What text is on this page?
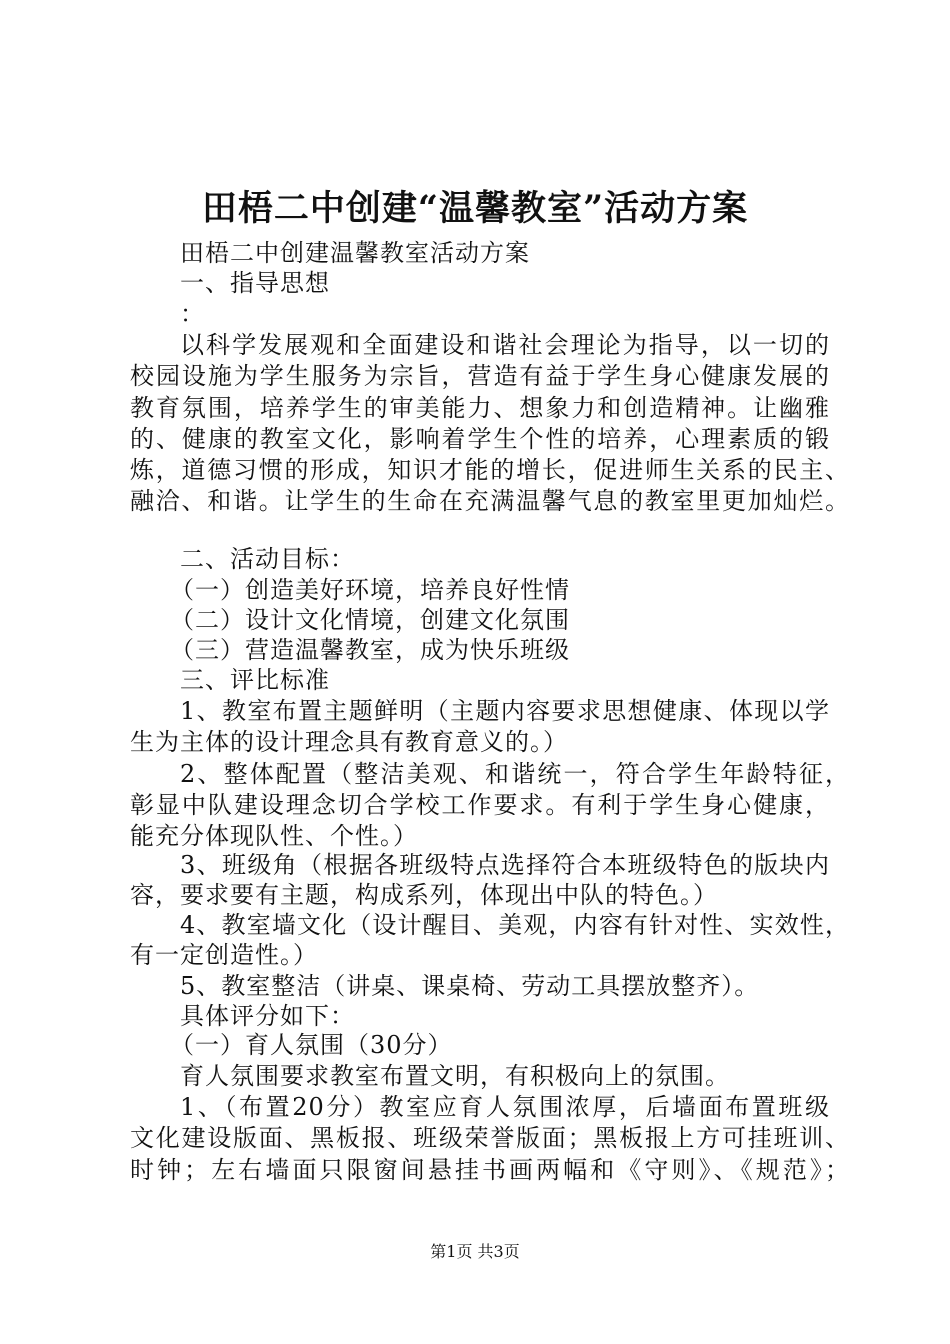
田梧二中创建“温馨教室”活动方案
田梧二中创建温馨教室活动方案
一、指导思想
：
以科学发展观和全面建设和谐社会理论为指导，以一切的
校园设施为学生服务为宗旨，营造有益于学生身心健康发展的
教育氛围，培养学生的审美能力、想象力和创造精神。让幽雅
的、健康的教室文化，影响着学生个性的培养，心理素质的锻
炼，道德习惯的形成，知识才能的增长，促进师生关系的民主、
融洽、和谐。让学生的生命在充满温馨气息的教室里更加灿烂。
二、活动目标：
（一）创造美好环境，培养良好性情
（二）设计文化情境，创建文化氛围
（三）营造温馨教室，成为快乐班级
三、评比标准
1、教室布置主题鲜明（主题内容要求思想健康、体现以学
生为主体的设计理念具有教育意义的。）
2、整体配置（整洁美观、和谐统一，符合学生年龄特征，
彰显中队建设理念切合学校工作要求。有利于学生身心健康，
能充分体现队性、个性。）
3、班级角（根据各班级特点选择符合本班级特色的版块内
容，要求要有主题，构成系列，体现出中队的特色。）
4、教室墙文化（设计醒目、美观，内容有针对性、实效性，
有一定创造性。）
5、教室整洁（讲桌、课桌椅、劳动工具摆放整齐）。
具体评分如下：
（一）育人氛围（30分）
育人氛围要求教室布置文明，有积极向上的氛围。
1、（布置20分）教室应育人氛围浓厚，后墙面布置班级
文化建设版面、黑板报、班级荣誉版面；黑板报上方可挂班训、
时钟；左右墙面只限窗间悬挂书画两幅和《守则》、《规范》；
第1页 共3页
